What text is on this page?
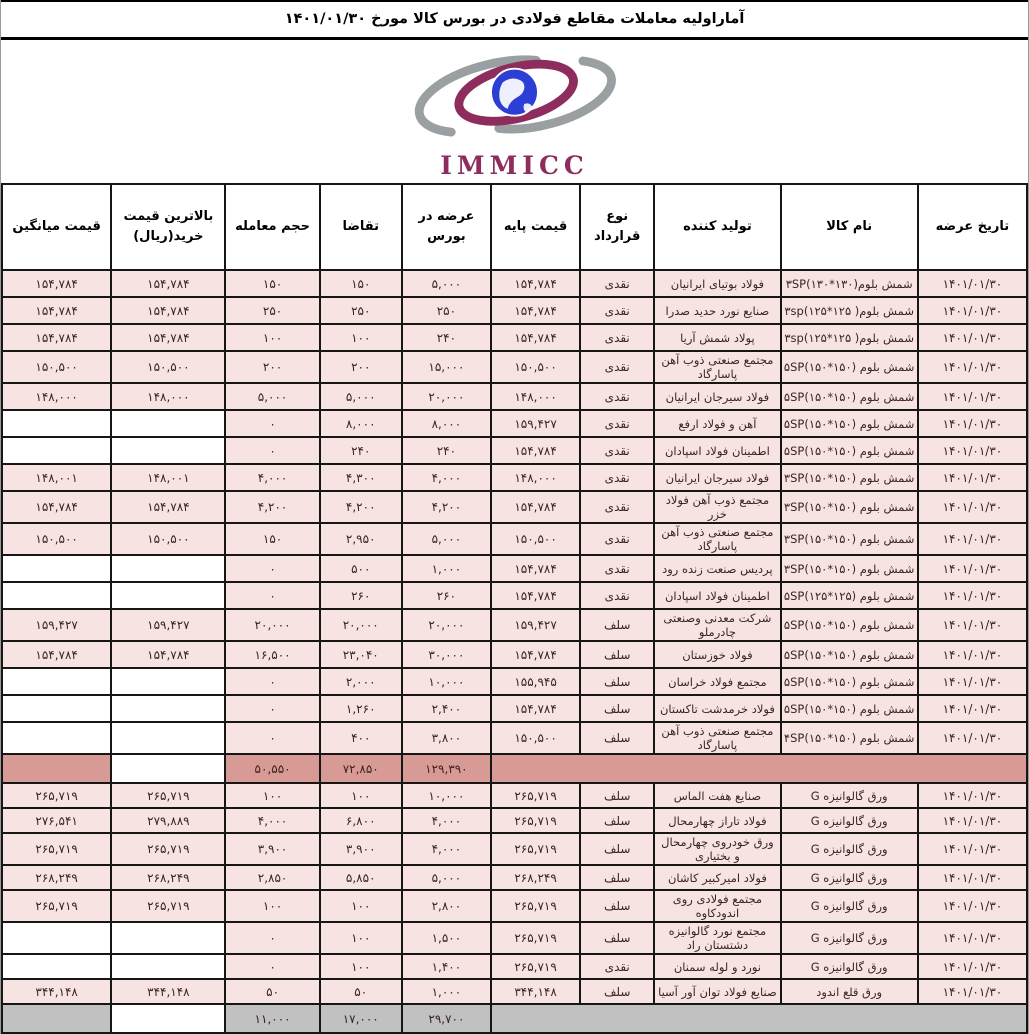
آماراولیه معاملات مقاطع فولادی در بورس کالا مورخ ۱۴۰۱/۰۱/۳۰
IMMICC
تاریخ عرضه	نام کالا	تولید کننده	نوع قرارداد	قیمت پایه	عرضه در بورس	تقاضا	حجم معامله	بالاترین قیمت خرید(ریال)	قیمت میانگین
۱۴۰۱/۰۱/۳۰	شمش بلوم(۱۳۰*۱۳۰)۳SP	فولاد بوتیای ایرانیان	نقدی	۱۵۴,۷۸۴	۵,۰۰۰	۱۵۰	۱۵۰	۱۵۴,۷۸۴	۱۵۴,۷۸۴
۱۴۰۱/۰۱/۳۰	شمش بلوم( ۱۲۵*۱۲۵)۳sp	صنایع نورد حدید صدرا	نقدی	۱۵۴,۷۸۴	۲۵۰	۲۵۰	۲۵۰	۱۵۴,۷۸۴	۱۵۴,۷۸۴
۱۴۰۱/۰۱/۳۰	شمش بلوم( ۱۲۵*۱۲۵)۳sp	پولاد شمش آریا	نقدی	۱۵۴,۷۸۴	۲۴۰	۱۰۰	۱۰۰	۱۵۴,۷۸۴	۱۵۴,۷۸۴
۱۴۰۱/۰۱/۳۰	شمش بلوم (۱۵۰*۱۵۰)۵SP	مجتمع صنعتی ذوب آهن پاسارگاد	نقدی	۱۵۰,۵۰۰	۱۵,۰۰۰	۲۰۰	۲۰۰	۱۵۰,۵۰۰	۱۵۰,۵۰۰
۱۴۰۱/۰۱/۳۰	شمش بلوم (۱۵۰*۱۵۰)۵SP	فولاد سیرجان ایرانیان	نقدی	۱۴۸,۰۰۰	۲۰,۰۰۰	۵,۰۰۰	۵,۰۰۰	۱۴۸,۰۰۰	۱۴۸,۰۰۰
۱۴۰۱/۰۱/۳۰	شمش بلوم (۱۵۰*۱۵۰)۵SP	آهن و فولاد ارفع	نقدی	۱۵۹,۴۲۷	۸,۰۰۰	۸,۰۰۰	۰		
۱۴۰۱/۰۱/۳۰	شمش بلوم (۱۵۰*۱۵۰)۵SP	اطمینان فولاد اسپادان	نقدی	۱۵۴,۷۸۴	۲۴۰	۲۴۰	۰		
۱۴۰۱/۰۱/۳۰	شمش بلوم (۱۵۰*۱۵۰)۳SP	فولاد سیرجان ایرانیان	نقدی	۱۴۸,۰۰۰	۴,۰۰۰	۴,۳۰۰	۴,۰۰۰	۱۴۸,۰۰۱	۱۴۸,۰۰۱
۱۴۰۱/۰۱/۳۰	شمش بلوم (۱۵۰*۱۵۰)۳SP	مجتمع ذوب آهن فولاد خزر	نقدی	۱۵۴,۷۸۴	۴,۲۰۰	۴,۲۰۰	۴,۲۰۰	۱۵۴,۷۸۴	۱۵۴,۷۸۴
۱۴۰۱/۰۱/۳۰	شمش بلوم (۱۵۰*۱۵۰)۳SP	مجتمع صنعتی ذوب آهن پاسارگاد	نقدی	۱۵۰,۵۰۰	۵,۰۰۰	۲,۹۵۰	۱۵۰	۱۵۰,۵۰۰	۱۵۰,۵۰۰
۱۴۰۱/۰۱/۳۰	شمش بلوم (۱۵۰*۱۵۰)۳SP	پردیس صنعت زنده رود	نقدی	۱۵۴,۷۸۴	۱,۰۰۰	۵۰۰	۰		
۱۴۰۱/۰۱/۳۰	شمش بلوم (۱۲۵*۱۲۵)۵SP	اطمینان فولاد اسپادان	نقدی	۱۵۴,۷۸۴	۲۶۰	۲۶۰	۰		
۱۴۰۱/۰۱/۳۰	شمش بلوم (۱۵۰*۱۵۰)۵SP	شرکت معدنی وصنعتی چادرملو	سلف	۱۵۹,۴۲۷	۲۰,۰۰۰	۲۰,۰۰۰	۲۰,۰۰۰	۱۵۹,۴۲۷	۱۵۹,۴۲۷
۱۴۰۱/۰۱/۳۰	شمش بلوم (۱۵۰*۱۵۰)۵SP	فولاد خوزستان	سلف	۱۵۴,۷۸۴	۳۰,۰۰۰	۲۳,۰۴۰	۱۶,۵۰۰	۱۵۴,۷۸۴	۱۵۴,۷۸۴
۱۴۰۱/۰۱/۳۰	شمش بلوم (۱۵۰*۱۵۰)۵SP	مجتمع فولاد خراسان	سلف	۱۵۵,۹۴۵	۱۰,۰۰۰	۲,۰۰۰	۰		
۱۴۰۱/۰۱/۳۰	شمش بلوم (۱۵۰*۱۵۰)۵SP	فولاد خرمدشت تاکستان	سلف	۱۵۴,۷۸۴	۲,۴۰۰	۱,۲۶۰	۰		
۱۴۰۱/۰۱/۳۰	شمش بلوم (۱۵۰*۱۵۰)۴SP	مجتمع صنعتی ذوب آهن پاسارگاد	سلف	۱۵۰,۵۰۰	۳,۸۰۰	۴۰۰	۰		
					۱۲۹,۳۹۰	۷۲,۸۵۰	۵۰,۵۵۰		
۱۴۰۱/۰۱/۳۰	ورق گالوانیزه G	صنایع هفت الماس	سلف	۲۶۵,۷۱۹	۱۰,۰۰۰	۱۰۰	۱۰۰	۲۶۵,۷۱۹	۲۶۵,۷۱۹
۱۴۰۱/۰۱/۳۰	ورق گالوانیزه G	فولاد تاراز چهارمحال	سلف	۲۶۵,۷۱۹	۴,۰۰۰	۶,۸۰۰	۴,۰۰۰	۲۷۹,۸۸۹	۲۷۶,۵۴۱
۱۴۰۱/۰۱/۳۰	ورق گالوانیزه G	ورق خودروی چهارمحال و بختیاری	سلف	۲۶۵,۷۱۹	۴,۰۰۰	۳,۹۰۰	۳,۹۰۰	۲۶۵,۷۱۹	۲۶۵,۷۱۹
۱۴۰۱/۰۱/۳۰	ورق گالوانیزه G	فولاد امیرکبیر کاشان	سلف	۲۶۸,۲۴۹	۵,۰۰۰	۵,۸۵۰	۲,۸۵۰	۲۶۸,۲۴۹	۲۶۸,۲۴۹
۱۴۰۱/۰۱/۳۰	ورق گالوانیزه G	مجتمع فولادی روی اندودکاوه	سلف	۲۶۵,۷۱۹	۲,۸۰۰	۱۰۰	۱۰۰	۲۶۵,۷۱۹	۲۶۵,۷۱۹
۱۴۰۱/۰۱/۳۰	ورق گالوانیزه G	مجتمع نورد گالوانیزه دشتستان راد	سلف	۲۶۵,۷۱۹	۱,۵۰۰	۱۰۰	۰		
۱۴۰۱/۰۱/۳۰	ورق گالوانیزه G	نورد و لوله سمنان	نقدی	۲۶۵,۷۱۹	۱,۴۰۰	۱۰۰	۰		
۱۴۰۱/۰۱/۳۰	ورق قلع اندود	صنایع فولاد توان آور آسیا	سلف	۳۴۴,۱۴۸	۱,۰۰۰	۵۰	۵۰	۳۴۴,۱۴۸	۳۴۴,۱۴۸
					۲۹,۷۰۰	۱۷,۰۰۰	۱۱,۰۰۰		
